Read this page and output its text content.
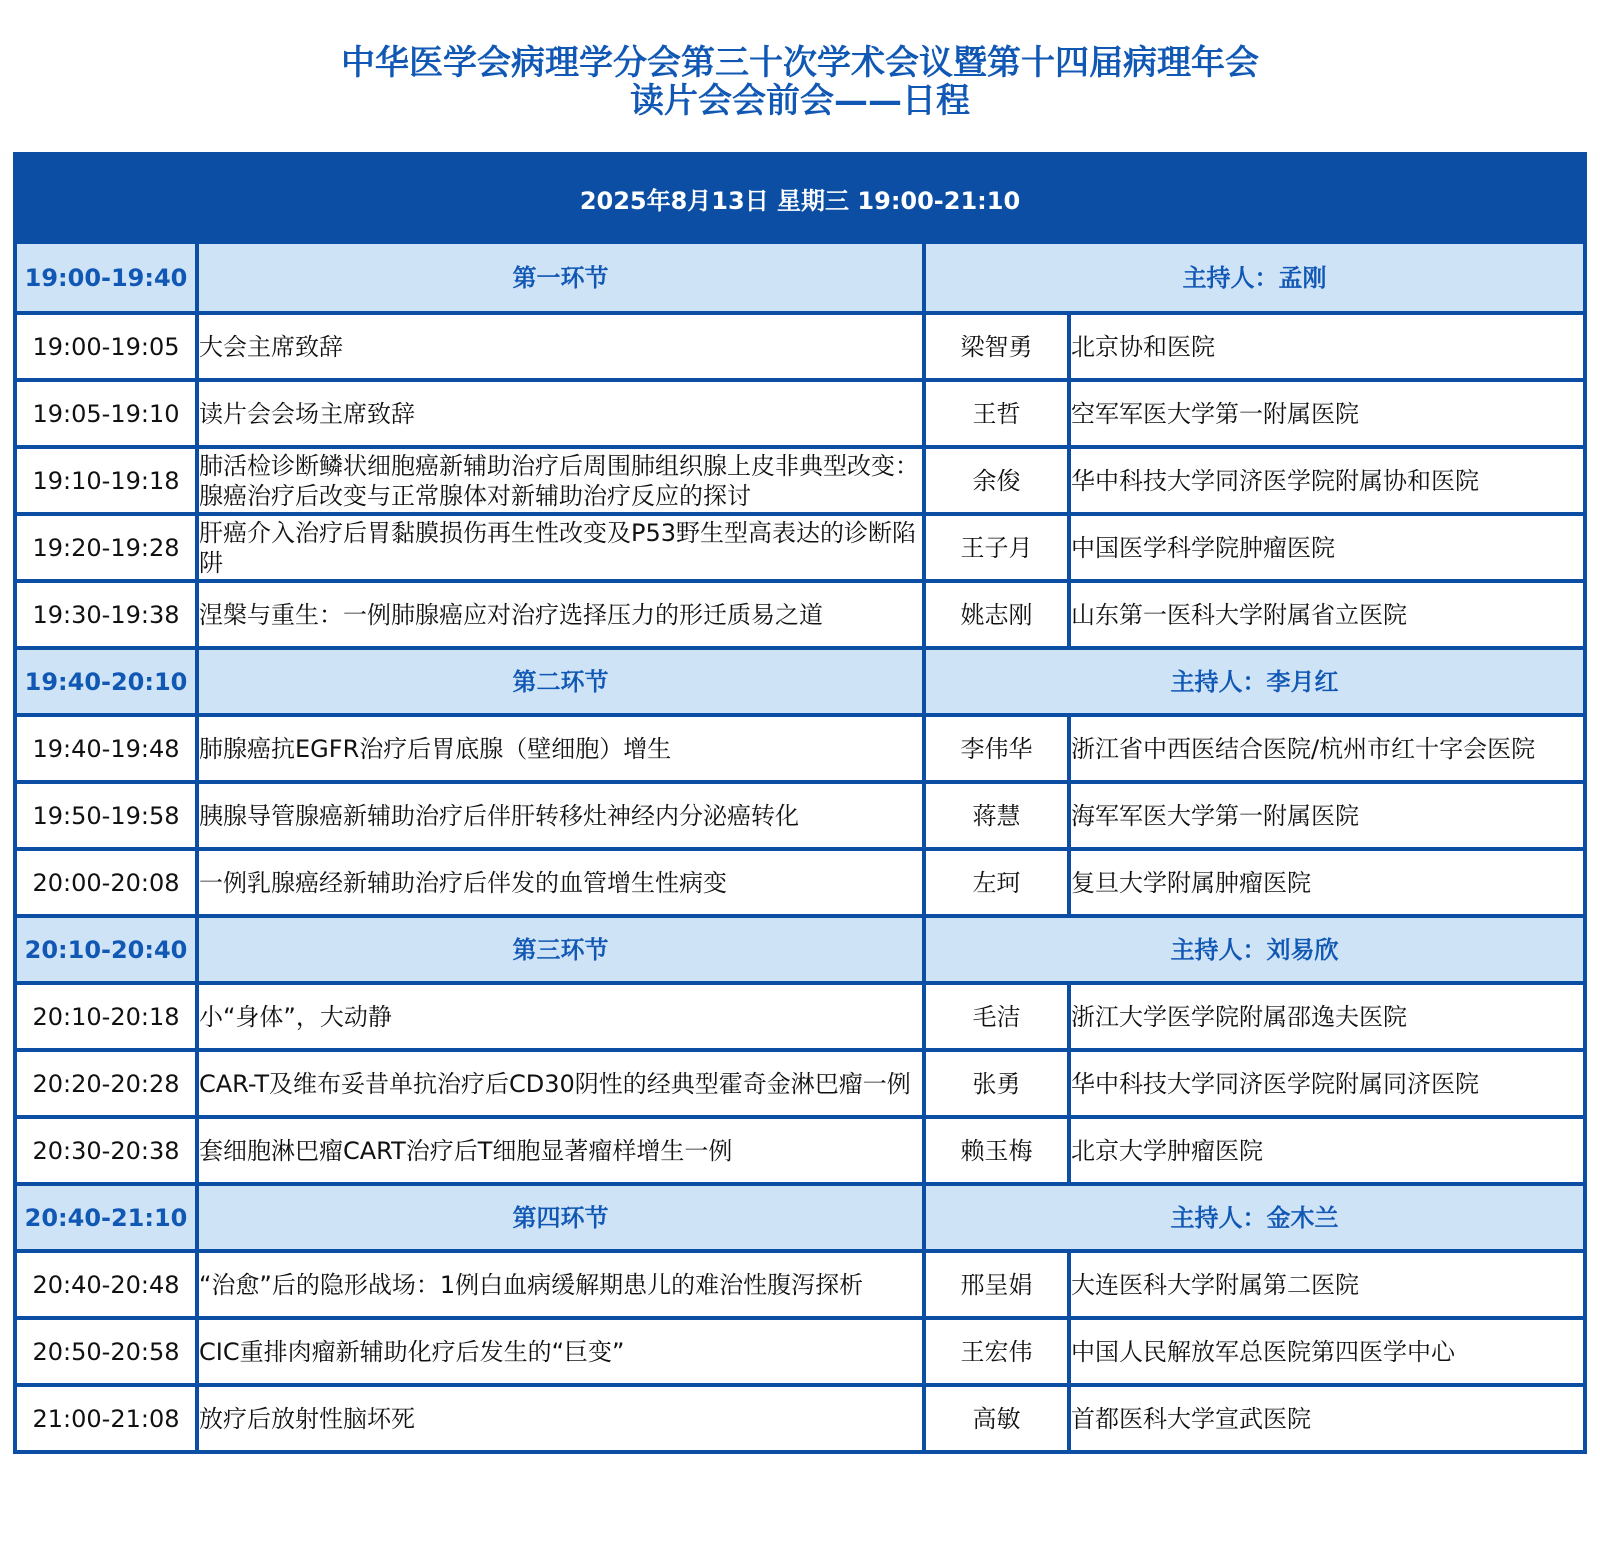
中华医学会病理学分会第三十次学术会议暨第十四届病理年会
读片会会前会——日程
2025年8月13日 星期三 19:00-21:10
19:00-19:40	第一环节	主持人：孟刚	
19:00-19:05	大会主席致辞	梁智勇	北京协和医院
19:05-19:10	读片会会场主席致辞	王哲	空军军医大学第一附属医院
19:10-19:18	肺活检诊断鳞状细胞癌新辅助治疗后周围肺组织腺上皮非典型改变：腺癌治疗后改变与正常腺体对新辅助治疗反应的探讨	余俊	华中科技大学同济医学院附属协和医院
19:20-19:28	肝癌介入治疗后胃黏膜损伤再生性改变及P53野生型高表达的诊断陷阱	王子月	中国医学科学院肿瘤医院
19:30-19:38	涅槃与重生：一例肺腺癌应对治疗选择压力的形迁质易之道	姚志刚	山东第一医科大学附属省立医院
19:40-20:10	第二环节	主持人：李月红	
19:40-19:48	肺腺癌抗EGFR治疗后胃底腺（壁细胞）增生	李伟华	浙江省中西医结合医院/杭州市红十字会医院
19:50-19:58	胰腺导管腺癌新辅助治疗后伴肝转移灶神经内分泌癌转化	蒋慧	海军军医大学第一附属医院
20:00-20:08	一例乳腺癌经新辅助治疗后伴发的血管增生性病变	左珂	复旦大学附属肿瘤医院
20:10-20:40	第三环节	主持人：刘易欣	
20:10-20:18	小“身体”，大动静	毛洁	浙江大学医学院附属邵逸夫医院
20:20-20:28	CAR-T及维布妥昔单抗治疗后CD30阴性的经典型霍奇金淋巴瘤一例	张勇	华中科技大学同济医学院附属同济医院
20:30-20:38	套细胞淋巴瘤CART治疗后T细胞显著瘤样增生一例	赖玉梅	北京大学肿瘤医院
20:40-21:10	第四环节	主持人：金木兰	
20:40-20:48	“治愈”后的隐形战场：1例白血病缓解期患儿的难治性腹泻探析	邢呈娟	大连医科大学附属第二医院
20:50-20:58	CIC重排肉瘤新辅助化疗后发生的“巨变”	王宏伟	中国人民解放军总医院第四医学中心
21:00-21:08	放疗后放射性脑坏死	高敏	首都医科大学宣武医院
